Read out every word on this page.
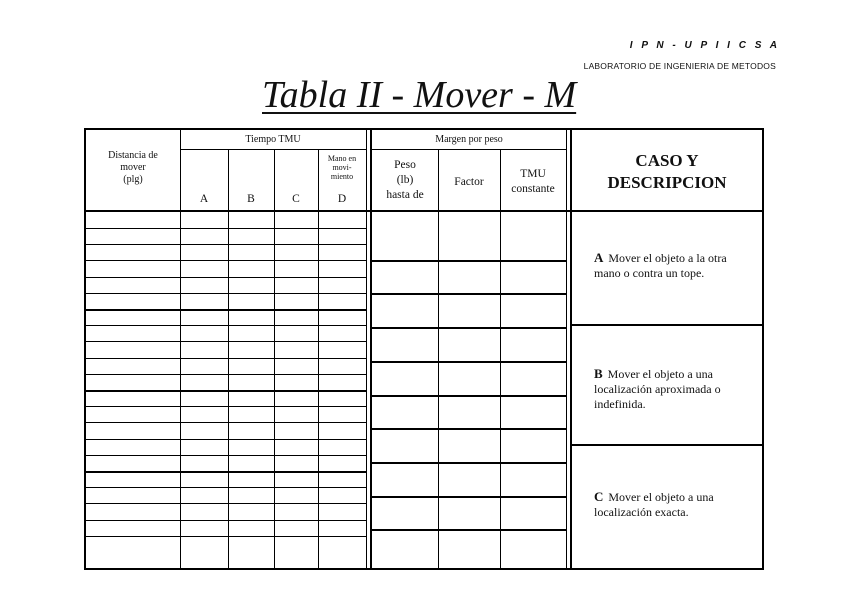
I P N - U P I I C S A
LABORATORIO DE INGENIERIA DE METODOS
Tabla II - Mover - M
Distancia de
mover
(plg)
Tiempo TMU
A	B	C
Mano en
movi-
miento
D
Margen por peso
Peso
(lb)
hasta de
Factor
TMU
constante
CASO Y
DESCRIPCION
A Mover el objeto a la otra mano o contra un tope.
B Mover el objeto a una localización aproximada o indefinida.
C Mover el objeto a una localización exacta.
